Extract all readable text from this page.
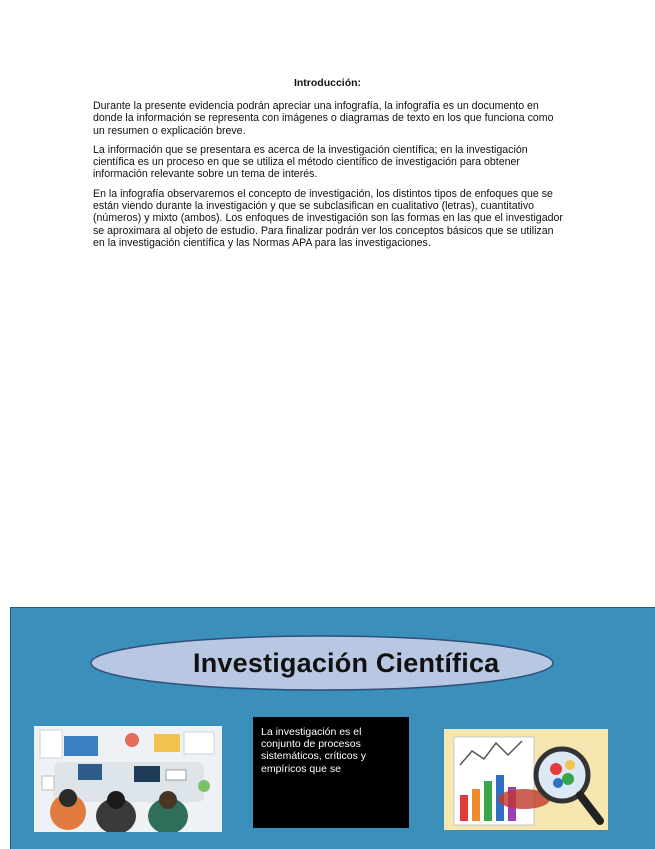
Introducción:

Durante la presente evidencia podrán apreciar una infografía, la infografía es un documento en donde la información se representa con imágenes o diagramas de texto en los que funciona como un resumen o explicación breve.

La información que se presentara es acerca de la investigación científica; en la investigación científica es un proceso en que se utiliza el método científico de investigación para obtener información relevante sobre un tema de interés.

En la infografía observaremos el concepto de investigación, los distintos tipos de enfoques que se están viendo durante la investigación y que se subclasifican en cualitativo (letras), cuantitativo (números) y mixto (ambos). Los enfoques de investigación son las formas en las que el investigador se aproximara al objeto de estudio. Para finalizar podrán ver los conceptos básicos que se utilizan en la investigación científica y las Normas APA para las investigaciones.

Investigación Científica
La investigación es el conjunto de procesos sistemáticos, críticos y empíricos que se
